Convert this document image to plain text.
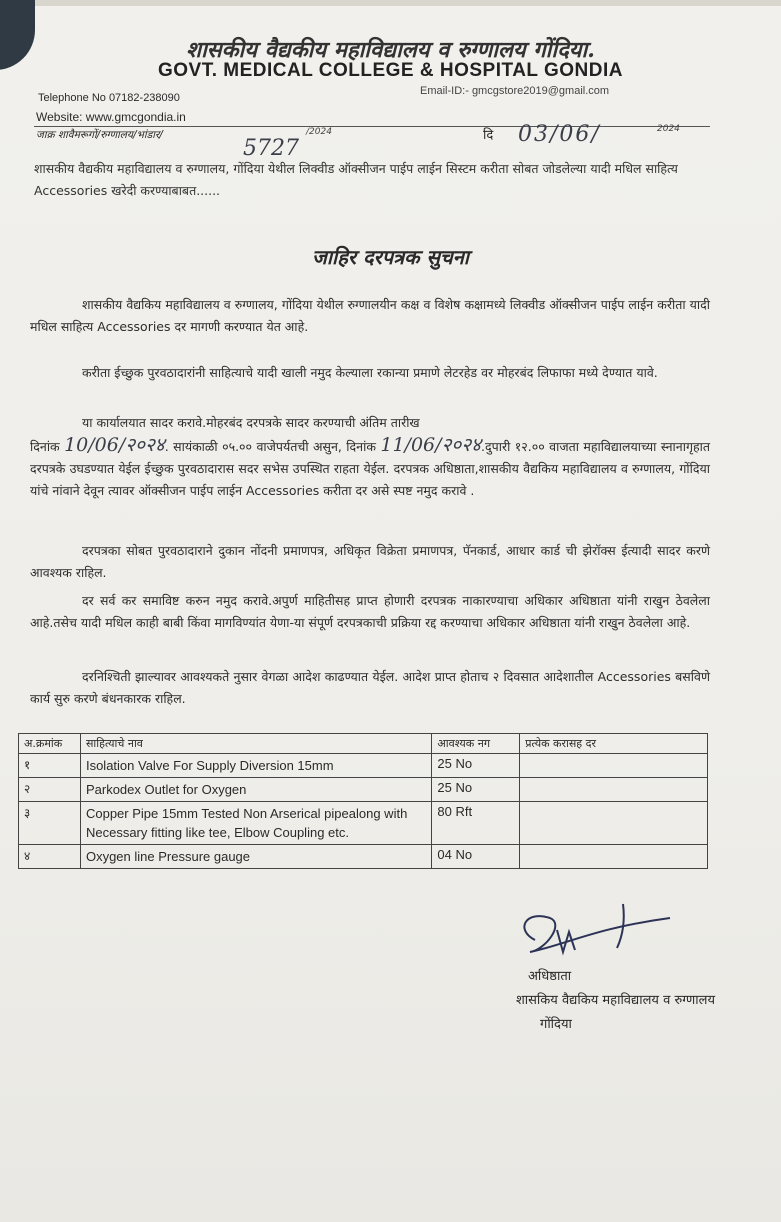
शासकीय वैद्यकीय महाविद्यालय व रुग्णालय गोंदिया.
GOVT. MEDICAL COLLEGE & HOSPITAL GONDIA
Telephone No 07182-238090
Email-ID:- gmcgstore2019@gmail.com
Website: www.gmcgondia.in
जाक्र शावैमरूगों/रुग्णालय/भांडार/
5727
/2024	दि 03/06/	2024
शासकीय वैद्यकीय महाविद्यालय व रुग्णालय, गोंदिया येथील लिक्वीड ऑक्सीजन पाईप लाईन सिस्टम करीता सोबत जोडलेल्या यादी मधिल साहित्य Accessories खरेदी करण्याबाबत......
जाहिर दरपत्रक सुचना
शासकीय वैद्यकिय महाविद्यालय व रुग्णालय, गोंदिया येथील रुग्णालयीन कक्ष व विशेष कक्षामध्ये लिक्वीड ऑक्सीजन पाईप लाईन करीता यादी मधिल साहित्य Accessories दर मागणी करण्यात येत आहे.
करीता ईच्छुक पुरवठादारांनी साहित्याचे यादी खाली नमुद केल्याला रकान्या प्रमाणे लेटरहेड वर मोहरबंद लिफाफा मध्ये देण्यात यावे.
या कार्यालयात सादर करावे.मोहरबंद दरपत्रके सादर करण्याची अंतिम तारीख
दिनांक 10/06/२०२४. सायंकाळी ०५.०० वाजेपर्यतची असुन, दिनांक 11/06/२०२४.दुपारी १२.०० वाजता महाविद्यालयाच्या स्नानागृहात दरपत्रके उघडण्यात येईल ईच्छुक पुरवठादारास सदर सभेस उपस्थित राहता येईल. दरपत्रक अधिष्ठाता,शासकीय वैद्यकिय महाविद्यालय व रुग्णालय, गोंदिया यांचे नांवाने देवून त्यावर ऑक्सीजन पाईप लाईन Accessories करीता दर असे स्पष्ट नमुद करावे .
दरपत्रका सोबत पुरवठादाराने दुकान नोंदनी प्रमाणपत्र, अधिकृत विक्रेता प्रमाणपत्र, पॅनकार्ड, आधार कार्ड ची झेरॉक्स ईत्यादी सादर करणे आवश्यक राहिल.
दर सर्व कर समाविष्ट करुन नमुद करावे.अपुर्ण माहितीसह प्राप्त होणारी दरपत्रक नाकारण्याचा अधिकार अधिष्ठाता यांनी राखुन ठेवलेला आहे.तसेच यादी मधिल काही बाबी किंवा मागविण्यांत येणा-या संपूर्ण दरपत्रकाची प्रक्रिया रद्द करण्याचा अधिकार अधिष्ठाता यांनी राखुन ठेवलेला आहे.
दरनिश्चिती झाल्यावर आवश्यकते नुसार वेगळा आदेश काढण्यात येईल. आदेश प्राप्त होताच २ दिवसात आदेशातील Accessories बसविणे कार्य सुरु करणे बंधनकारक राहिल.
अ.क्रमांक	साहित्याचे नाव	आवश्यक नग	प्रत्येक करासह दर
१	Isolation Valve For Supply Diversion 15mm	25 No	
२	Parkodex Outlet for Oxygen	25 No	
३	Copper Pipe 15mm Tested Non Arserical pipealong with Necessary fitting like tee, Elbow Coupling etc.	80 Rft	
४	Oxygen line Pressure gauge	04 No	
अधिष्ठाता
शासकिय वैद्यकिय महाविद्यालय व रुग्णालय
गोंदिया
